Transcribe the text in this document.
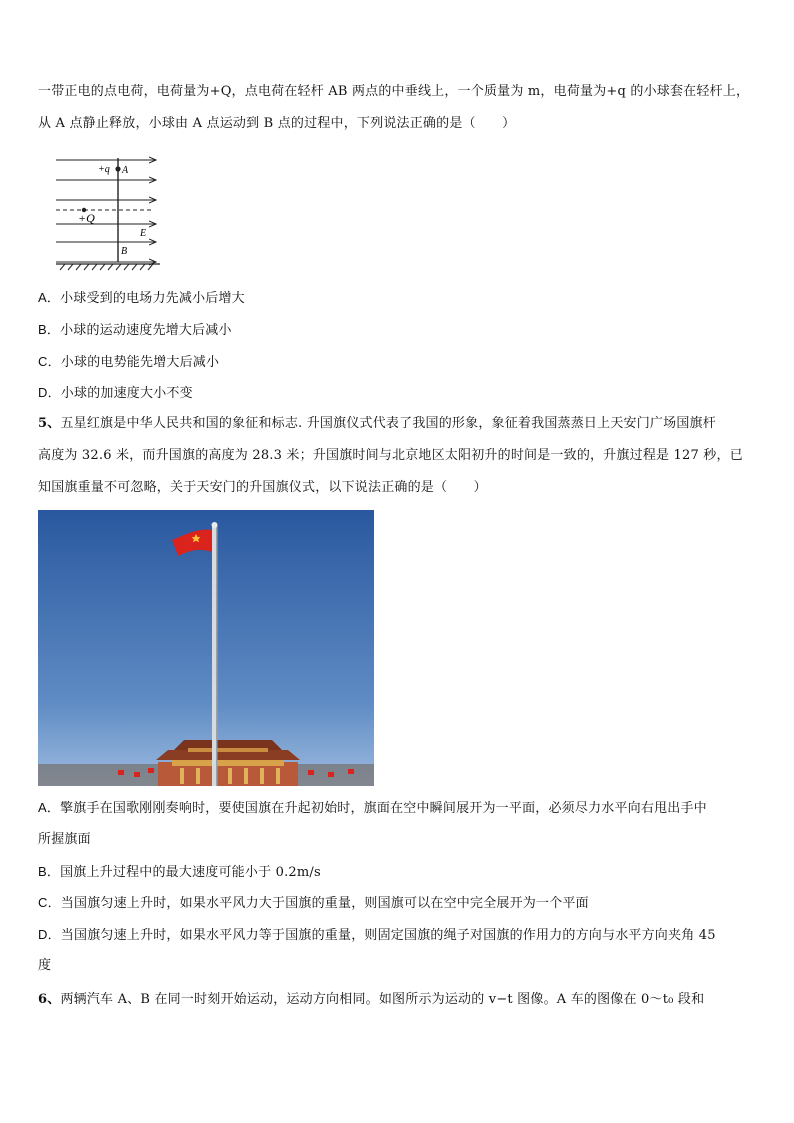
一带正电的点电荷，电荷量为+Q，点电荷在轻杆 AB 两点的中垂线上，一个质量为 m，电荷量为+q 的小球套在轻杆上，
从 A 点静止释放，小球由 A 点运动到 B 点的过程中，下列说法正确的是（　　）
+q A
+Q
E
B
A．小球受到的电场力先减小后增大
B．小球的运动速度先增大后减小
C．小球的电势能先增大后减小
D．小球的加速度大小不变
5、五星红旗是中华人民共和国的象征和标志. 升国旗仪式代表了我国的形象，象征着我国蒸蒸日上天安门广场国旗杆
高度为 32.6 米，而升国旗的高度为 28.3 米；升国旗时间与北京地区太阳初升的时间是一致的，升旗过程是 127 秒，已
知国旗重量不可忽略，关于天安门的升国旗仪式，以下说法正确的是（　　）
A．擎旗手在国歌刚刚奏响时，要使国旗在升起初始时，旗面在空中瞬间展开为一平面，必须尽力水平向右甩出手中
所握旗面
B．国旗上升过程中的最大速度可能小于 0.2m/s
C．当国旗匀速上升时，如果水平风力大于国旗的重量，则国旗可以在空中完全展开为一个平面
D．当国旗匀速上升时，如果水平风力等于国旗的重量，则固定国旗的绳子对国旗的作用力的方向与水平方向夹角 45
度
6、两辆汽车 A、B 在同一时刻开始运动，运动方向相同。如图所示为运动的 v−t 图像。A 车的图像在 0～t₀ 段和
